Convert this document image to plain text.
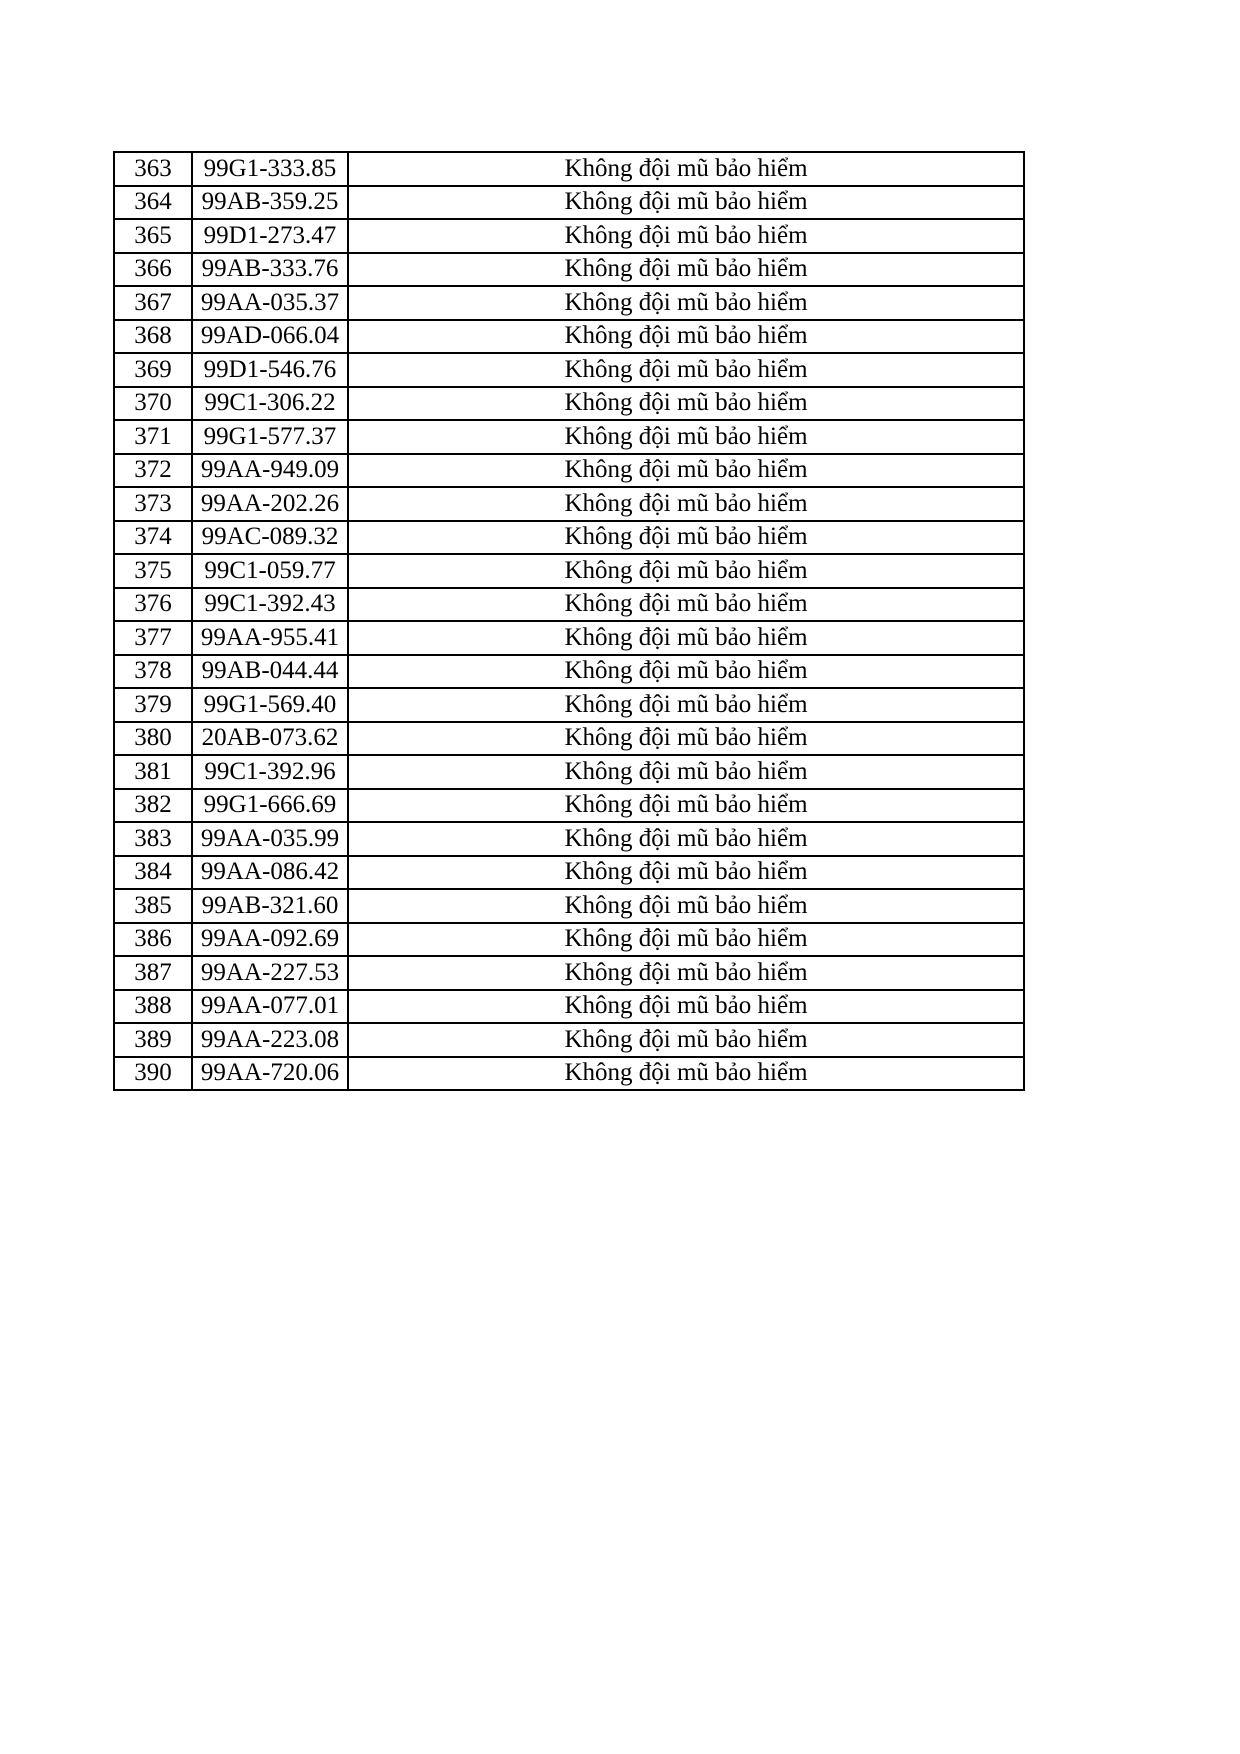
363	99G1-333.85	Không đội mũ bảo hiểm
364	99AB-359.25	Không đội mũ bảo hiểm
365	99D1-273.47	Không đội mũ bảo hiểm
366	99AB-333.76	Không đội mũ bảo hiểm
367	99AA-035.37	Không đội mũ bảo hiểm
368	99AD-066.04	Không đội mũ bảo hiểm
369	99D1-546.76	Không đội mũ bảo hiểm
370	99C1-306.22	Không đội mũ bảo hiểm
371	99G1-577.37	Không đội mũ bảo hiểm
372	99AA-949.09	Không đội mũ bảo hiểm
373	99AA-202.26	Không đội mũ bảo hiểm
374	99AC-089.32	Không đội mũ bảo hiểm
375	99C1-059.77	Không đội mũ bảo hiểm
376	99C1-392.43	Không đội mũ bảo hiểm
377	99AA-955.41	Không đội mũ bảo hiểm
378	99AB-044.44	Không đội mũ bảo hiểm
379	99G1-569.40	Không đội mũ bảo hiểm
380	20AB-073.62	Không đội mũ bảo hiểm
381	99C1-392.96	Không đội mũ bảo hiểm
382	99G1-666.69	Không đội mũ bảo hiểm
383	99AA-035.99	Không đội mũ bảo hiểm
384	99AA-086.42	Không đội mũ bảo hiểm
385	99AB-321.60	Không đội mũ bảo hiểm
386	99AA-092.69	Không đội mũ bảo hiểm
387	99AA-227.53	Không đội mũ bảo hiểm
388	99AA-077.01	Không đội mũ bảo hiểm
389	99AA-223.08	Không đội mũ bảo hiểm
390	99AA-720.06	Không đội mũ bảo hiểm
